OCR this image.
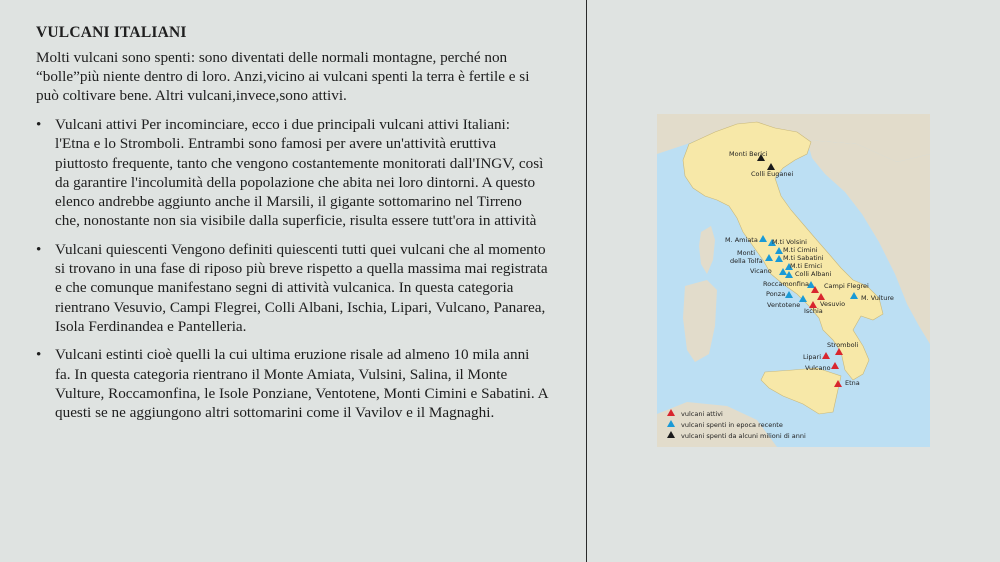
VULCANI ITALIANI
Molti vulcani sono spenti: sono diventati delle normali montagne, perché non “bolle”più niente dentro di loro. Anzi,vicino ai vulcani spenti la terra è fertile e si può coltivare bene. Altri vulcani,invece,sono attivi.
• Vulcani attivi Per incominciare, ecco i due principali vulcani attivi Italiani: l'Etna e lo Stromboli. Entrambi sono famosi per avere un'attività eruttiva piuttosto frequente, tanto che vengono costantemente monitorati dall'INGV, così da garantire l'incolumità della popolazione che abita nei loro dintorni. A questo elenco andrebbe aggiunto anche il Marsili, il gigante sottomarino nel Tirreno che, nonostante non sia visibile dalla superficie, risulta essere tutt'ora in attività
• Vulcani quiescenti Vengono definiti quiescenti tutti quei vulcani che al momento si trovano in una fase di riposo più breve rispetto a quella massima mai registrata e che comunque manifestano segni di attività vulcanica. In questa categoria rientrano Vesuvio, Campi Flegrei, Colli Albani, Ischia, Lipari, Vulcano, Panarea, Isola Ferdinandea e Pantelleria.
• Vulcani estinti cioè quelli la cui ultima eruzione risale ad almeno 10 mila anni fa. In questa categoria rientrano il Monte Amiata, Vulsini, Salina, il Monte Vulture, Roccamonfina, le Isole Ponziane, Ventotene, Monti Cimini e Sabatini. A questi se ne aggiungono altri sottomarini come il Vavilov e il Magnaghi.
Monti Berici
Colli Euganei
M. Amiata M.ti Volsini
M.ti Cimini
Monti
della Tolfa	M.ti Sabatini
M.ti Ernici
Vicano	Colli Albani
Roccamonfina Campi Flegrei
Ponza	M. Vulture
Vesuvio
Ventotene
Ischia
Stromboli
Lipari
Vulcano
Etna
vulcani attivi
vulcani spenti in epoca recente
vulcani spenti da alcuni milioni di anni
